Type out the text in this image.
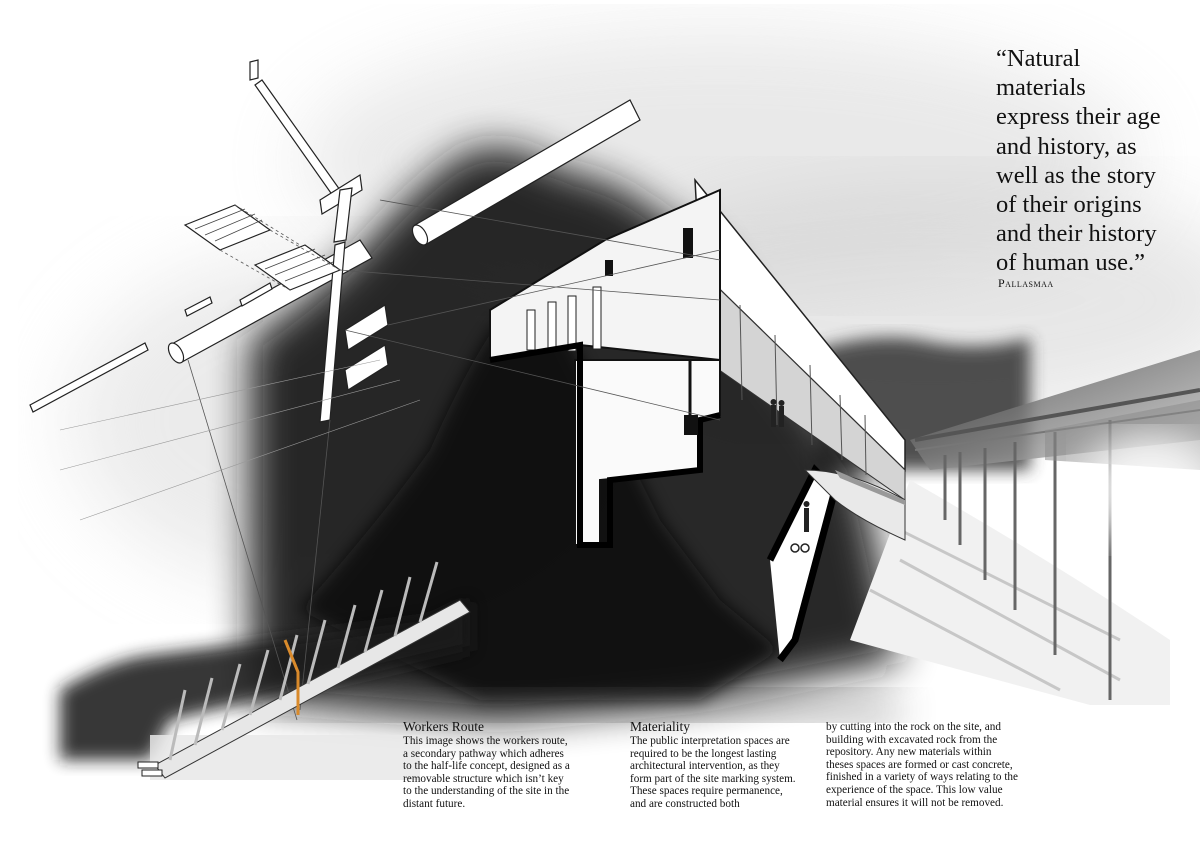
“Natural
materials
express their age
and history, as
well as the story
of their origins
and their history
of human use.”
Pallasmaa
Workers Route

This image shows the workers route,
a secondary pathway which adheres
to the half-life concept, designed as a
removable structure which isn’t key
to the understanding of the site in the
distant future.

Materiality

The public interpretation spaces are
required to be the longest lasting
architectural intervention, as they
form part of the site marking system.
These spaces require permanence,
and are constructed both

by cutting into the rock on the site, and
building with excavated rock from the
repository. Any new materials within
theses spaces are formed or cast concrete,
finished in a variety of ways relating to the
experience of the space. This low value
material ensures it will not be removed.
